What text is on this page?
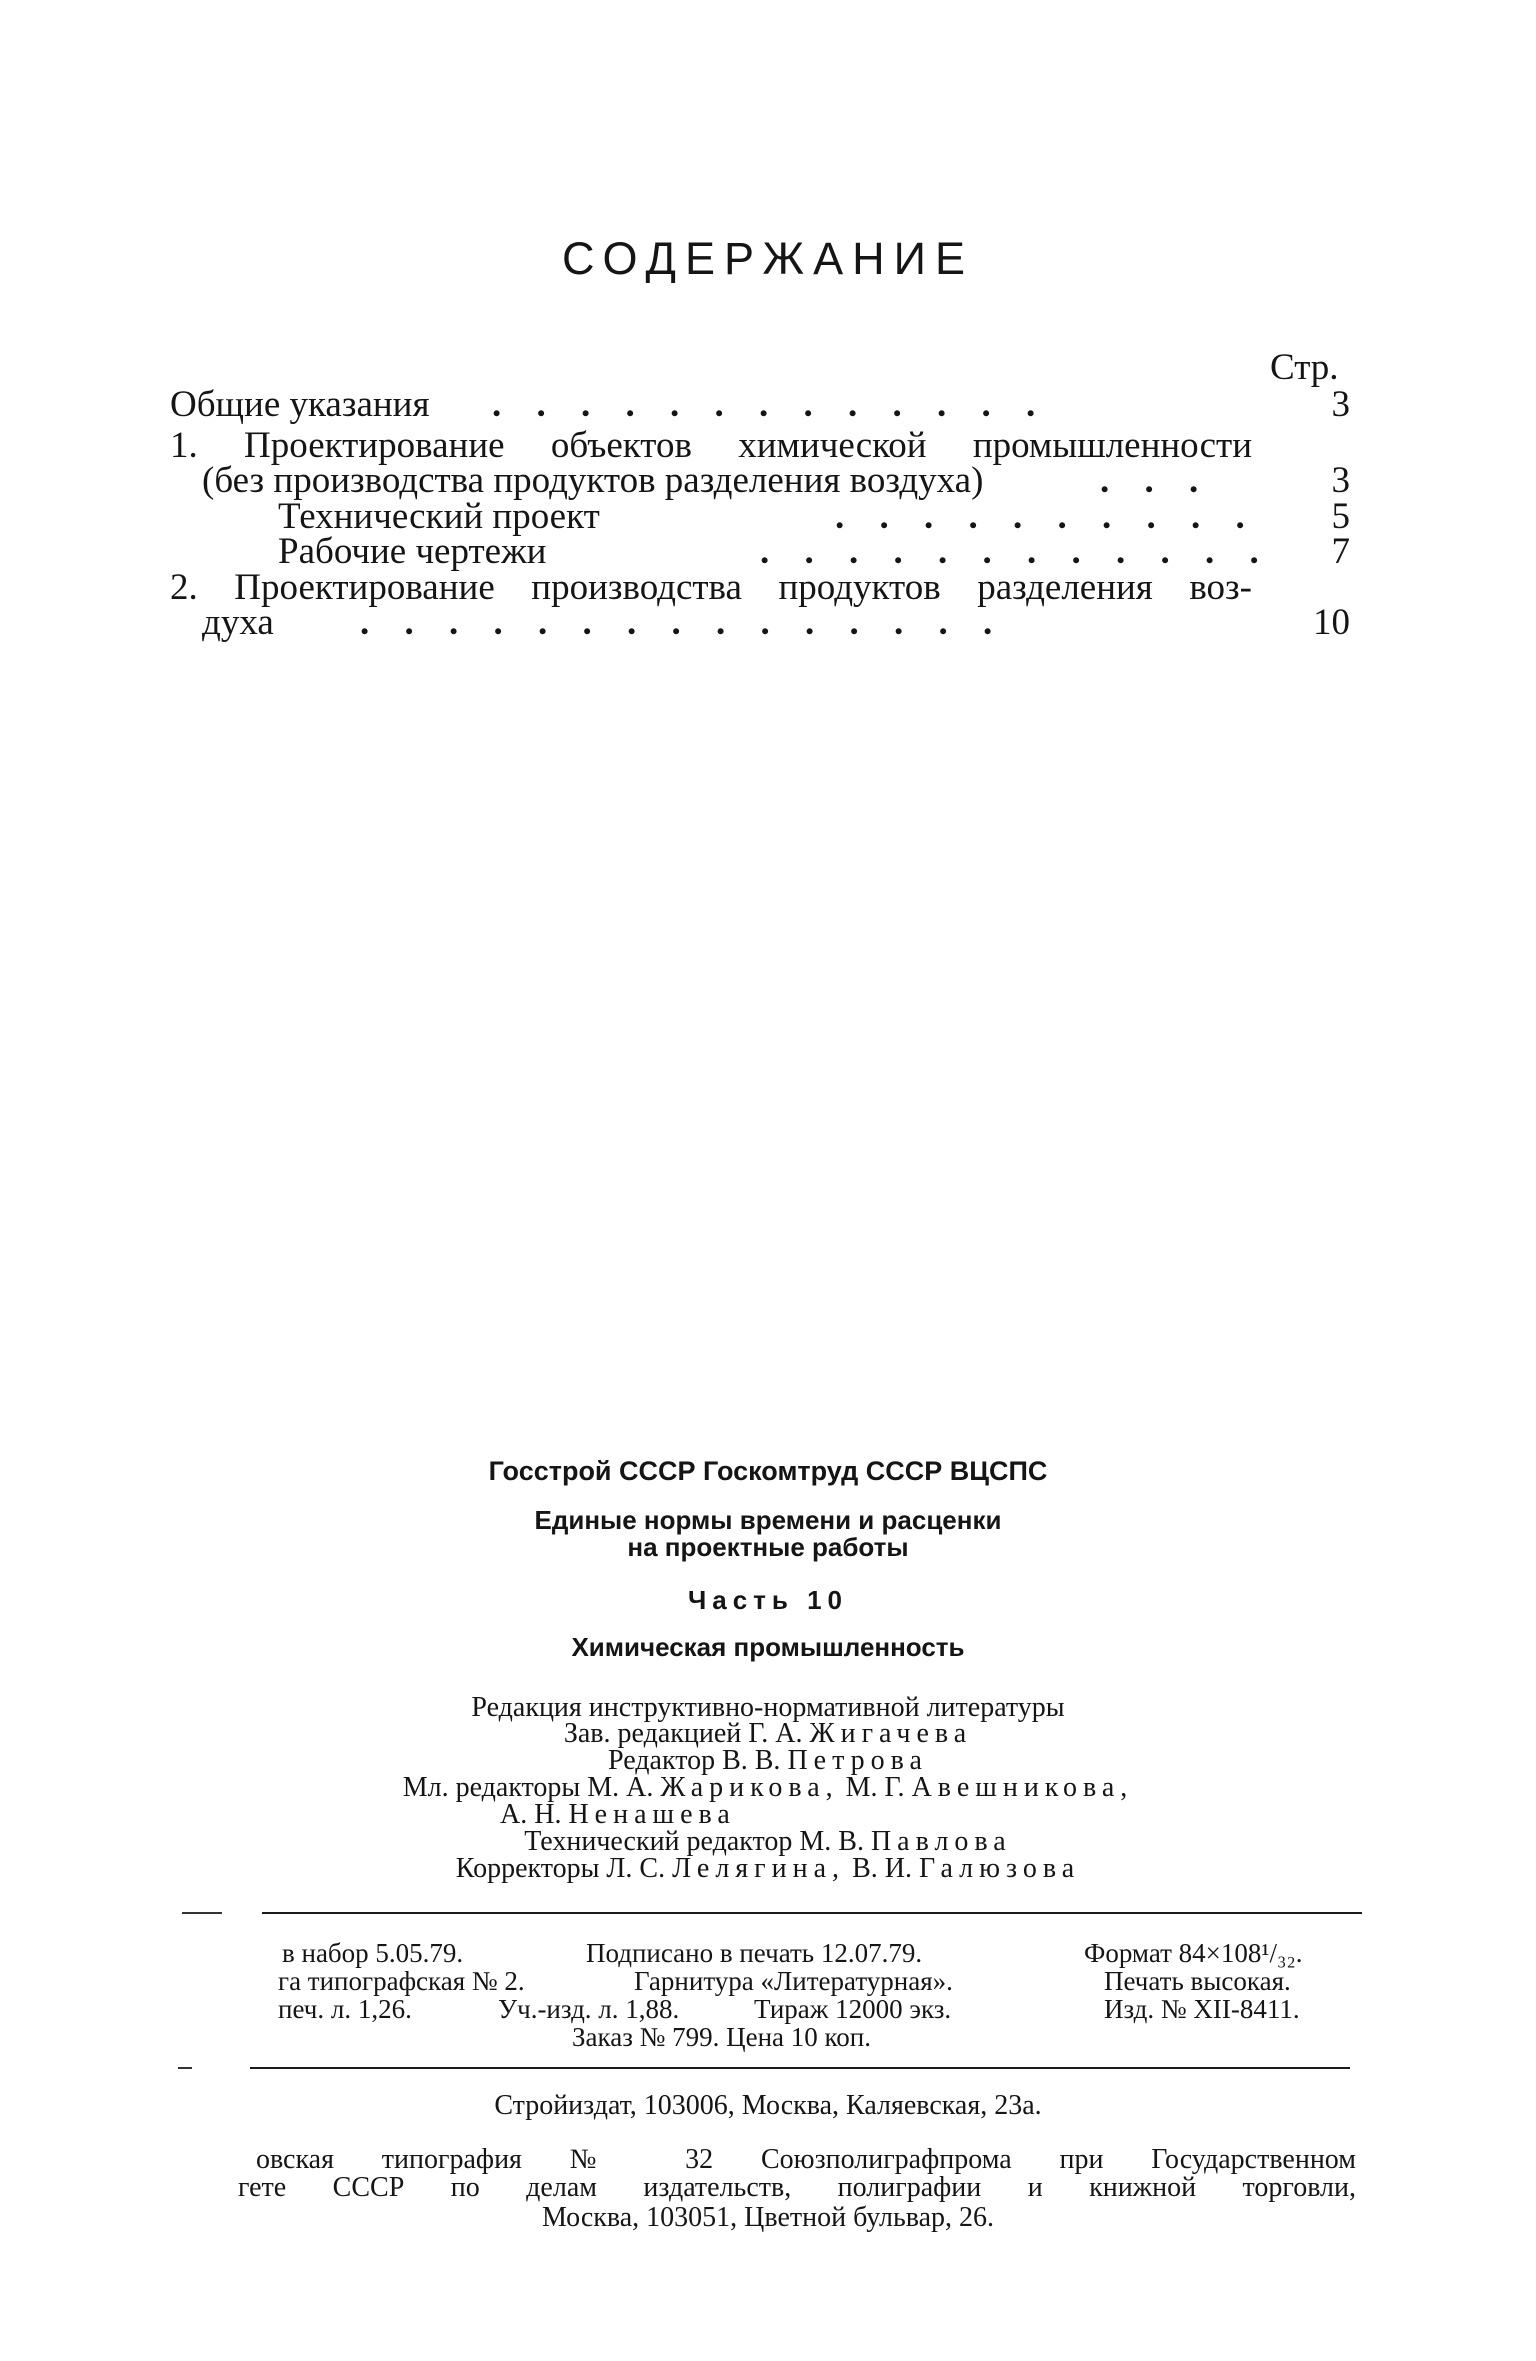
СОДЕРЖАНИЕ
Стр.
Общие указания . . . . . . . . . . . . .	3
1. Проектирование объектов химической промышленности
(без производства продуктов разделения воздуха)	. . .	3
Технический проект	. . . . . . . . . .	5
Рабочие чертежи	. . . . . . . . . . . .	7
2. Проектирование производства продуктов разделения воз-
духа . . . . . . . . . . . . . . .	10
Госстрой СССР Госкомтруд СССР ВЦСПС
Единые нормы времени и расценки
на проектные работы
Часть 10
Химическая промышленность
Редакция инструктивно-нормативной литературы
Зав. редакцией Г. А. Жигачева
Редактор В. В. Петрова
Мл. редакторы М. А. Жарикова, М. Г. Авешникова,
А. Н. Ненашева
Технический редактор М. В. Павлова
Корректоры Л. С. Лелягина, В. И. Галюзова
в набор 5.05.79.	Подписано в печать 12.07.79.	Формат 84×108¹/₃₂.
га типографская № 2.	Гарнитура «Литературная».	Печать высокая.
печ. л. 1,26.	Уч.-изд. л. 1,88.	Тираж 12000 экз.	Изд. № XII-8411.
Заказ № 799. Цена 10 коп.
Стройиздат, 103006, Москва, Каляевская, 23а.
овская типография № 32 Союзполиграфпрома при Государственном
гете СССР по делам издательств, полиграфии и книжной торговли,
Москва, 103051, Цветной бульвар, 26.
